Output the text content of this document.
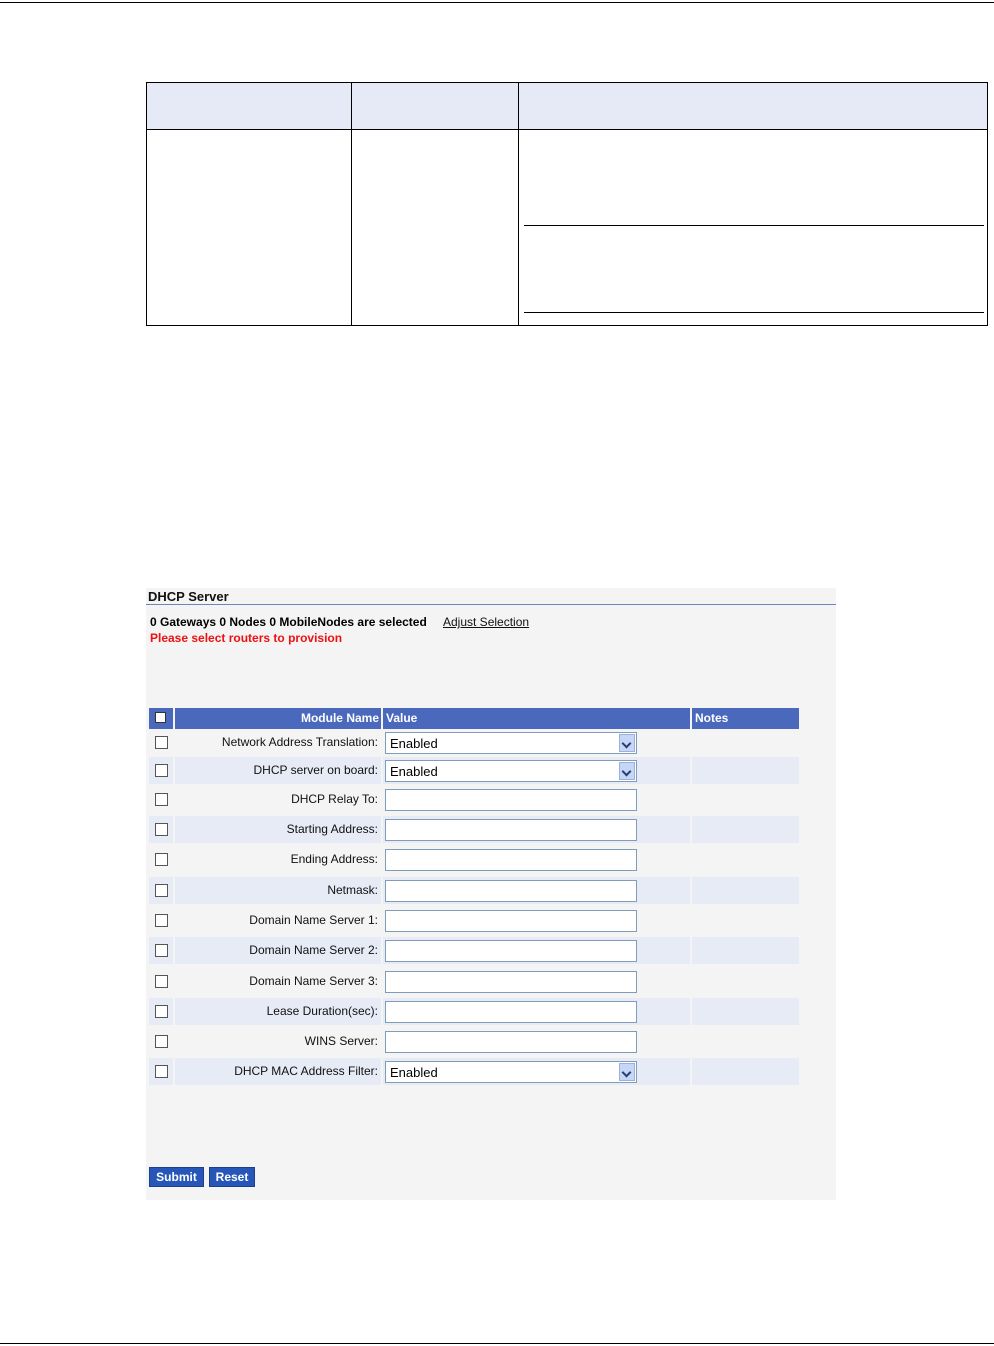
DHCP Server
0 Gateways 0 Nodes 0 MobileNodes are selected Adjust Selection
Please select routers to provision
Module Name Value	Notes
Network Address Translation: Enabled
DHCP server on board: Enabled
DHCP Relay To:
Starting Address:
Ending Address:
Netmask:
Domain Name Server 1:
Domain Name Server 2:
Domain Name Server 3:
Lease Duration(sec):
WINS Server:
DHCP MAC Address Filter: Enabled
Submit	Reset
